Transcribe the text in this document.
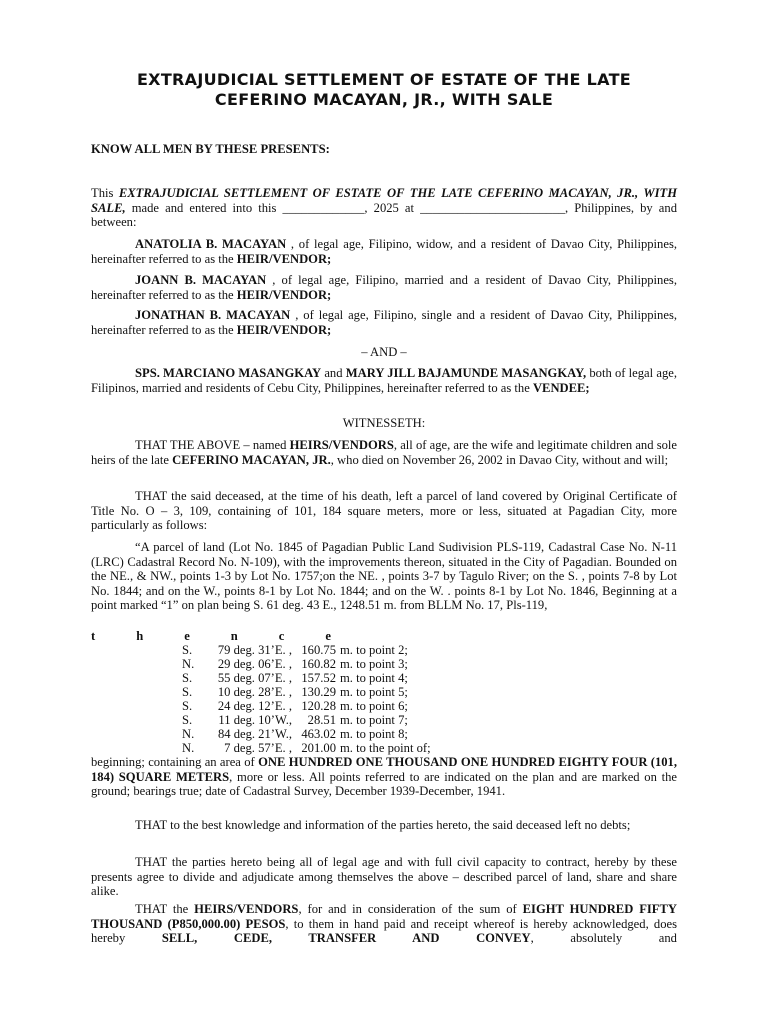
EXTRAJUDICIAL SETTLEMENT OF ESTATE OF THE LATE
CEFERINO MACAYAN, JR., WITH SALE
KNOW ALL MEN BY THESE PRESENTS:
This EXTRAJUDICIAL SETTLEMENT OF ESTATE OF THE LATE CEFERINO MACAYAN, JR., WITH SALE, made and entered into this _____________, 2025 at _______________________, Philippines, by and between:
ANATOLIA B. MACAYAN , of legal age, Filipino, widow, and a resident of Davao City, Philippines, hereinafter referred to as the HEIR/VENDOR;
JOANN B. MACAYAN , of legal age, Filipino, married and a resident of Davao City, Philippines, hereinafter referred to as the HEIR/VENDOR;
JONATHAN B. MACAYAN , of legal age, Filipino, single and a resident of Davao City, Philippines, hereinafter referred to as the HEIR/VENDOR;
– AND –
SPS. MARCIANO MASANGKAY and MARY JILL BAJAMUNDE MASANGKAY, both of legal age, Filipinos, married and residents of Cebu City, Philippines, hereinafter referred to as the VENDEE;
WITNESSETH:
THAT THE ABOVE – named HEIRS/VENDORS, all of age, are the wife and legitimate children and sole heirs of the late CEFERINO MACAYAN, JR., who died on November 26, 2002 in Davao City, without and will;
THAT the said deceased, at the time of his death, left a parcel of land covered by Original Certificate of Title No. O – 3, 109, containing of 101, 184 square meters, more or less, situated at Pagadian City, more particularly as follows:
“A parcel of land (Lot No. 1845 of Pagadian Public Land Sudivision PLS-119, Cadastral Case No. N-11 (LRC) Cadastral Record No. N-109), with the improvements thereon, situated in the City of Pagadian. Bounded on the NE., & NW., points 1-3 by Lot No. 1757;on the NE. , points 3-7 by Tagulo River; on the S. , points 7-8 by Lot No. 1844; and on the W., points 8-1 by Lot No. 1844; and on the W. . points 8-1 by Lot No. 1846, Beginning at a point marked “1” on plan being S. 61 deg. 43 E., 1248.51 m. from BLLM No. 17, Pls-119,
t	h	e	n	c	e
S.	79 deg. 31’E. , 160.75 m. to point 2;
N.	29 deg. 06’E. , 160.82 m. to point 3;
S.	55 deg. 07’E. , 157.52 m. to point 4;
S.	10 deg. 28’E. , 130.29 m. to point 5;
S.	24 deg. 12’E. , 120.28 m. to point 6;
S.	11 deg. 10’W.,	28.51 m. to point 7;
N.	84 deg. 21’W., 463.02 m. to point 8;
N.	7 deg. 57’E. , 201.00 m. to the point of;
beginning; containing an area of ONE HUNDRED ONE THOUSAND ONE HUNDRED EIGHTY FOUR (101, 184) SQUARE METERS, more or less. All points referred to are indicated on the plan and are marked on the ground; bearings true; date of Cadastral Survey, December 1939-December, 1941.
THAT to the best knowledge and information of the parties hereto, the said deceased left no debts;
THAT the parties hereto being all of legal age and with full civil capacity to contract, hereby by these presents agree to divide and adjudicate among themselves the above – described parcel of land, share and share alike.
THAT the HEIRS/VENDORS, for and in consideration of the sum of EIGHT HUNDRED FIFTY THOUSAND (P850,000.00) PESOS, to them in hand paid and receipt whereof is hereby acknowledged, does hereby SELL, CEDE, TRANSFER AND CONVEY, absolutely and
